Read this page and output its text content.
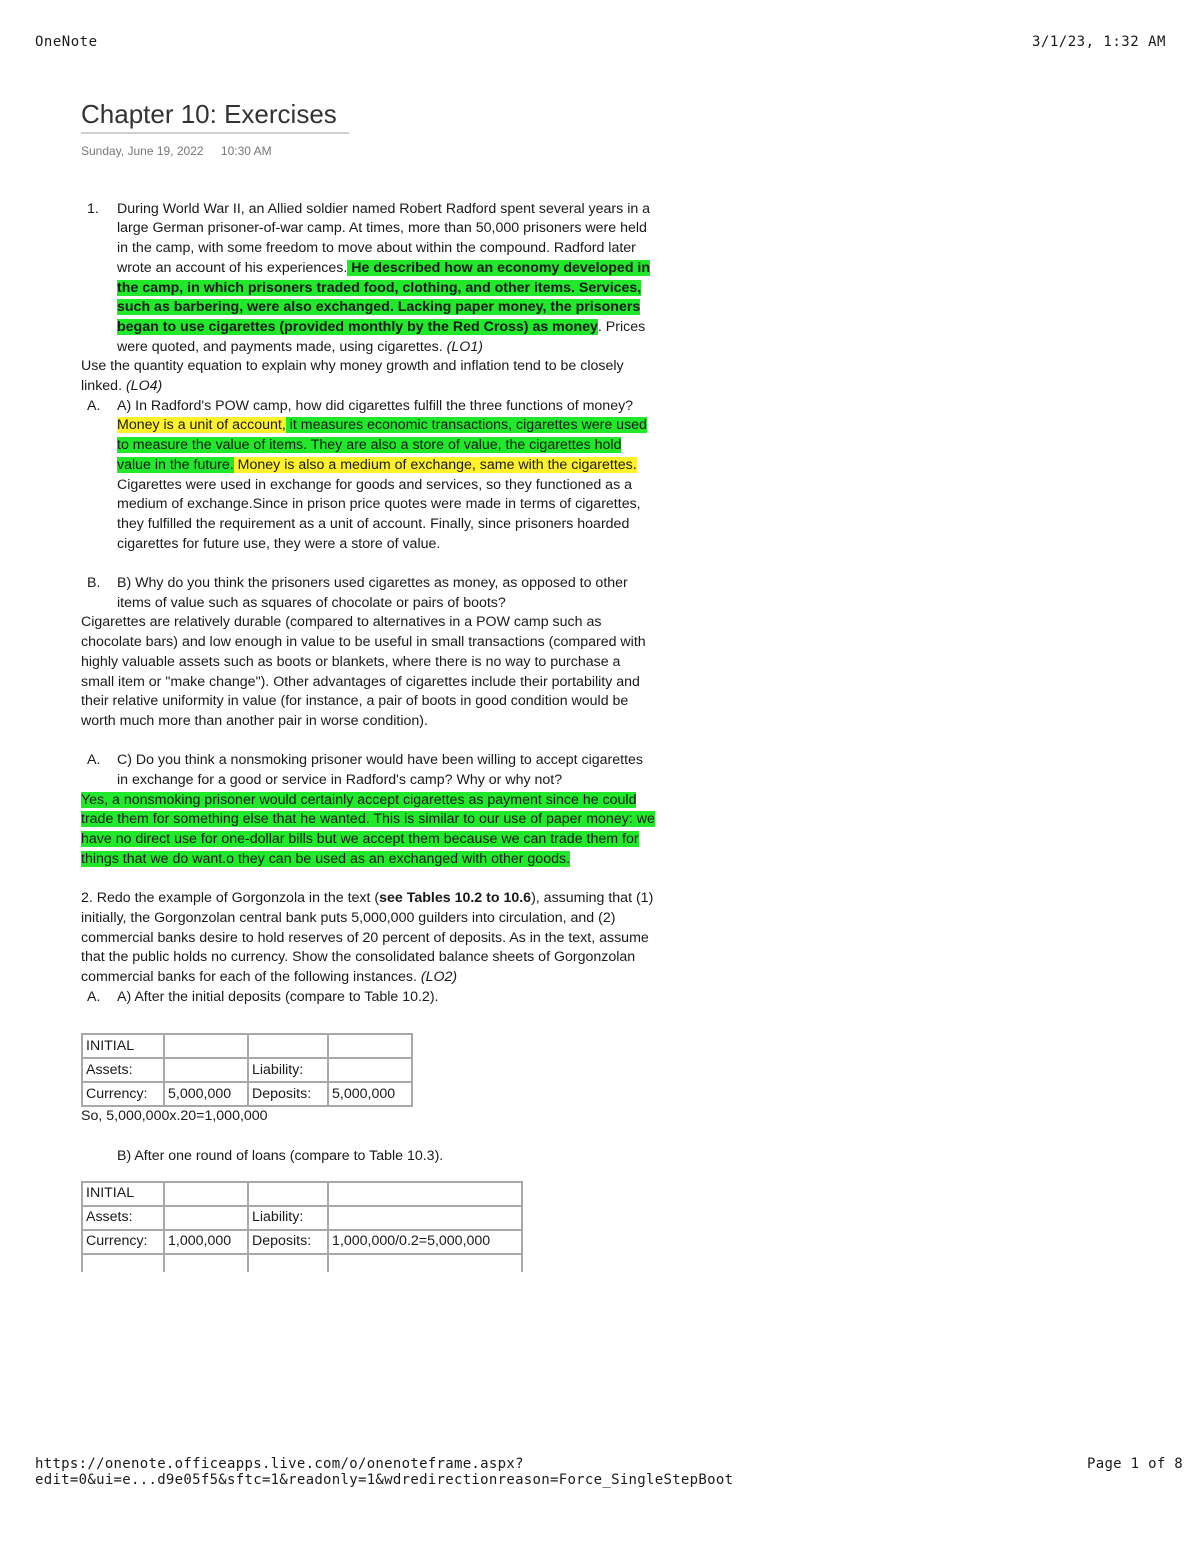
OneNote	3/1/23, 1:32 AM
Chapter 10: Exercises
Sunday, June 19, 2022 10:30 AM
1. During World War II, an Allied soldier named Robert Radford spent several years in a large German prisoner-of-war camp. At times, more than 50,000 prisoners were held in the camp, with some freedom to move about within the compound. Radford later wrote an account of his experiences. He described how an economy developed in the camp, in which prisoners traded food, clothing, and other items. Services, such as barbering, were also exchanged. Lacking paper money, the prisoners began to use cigarettes (provided monthly by the Red Cross) as money. Prices were quoted, and payments made, using cigarettes. (LO1)
Use the quantity equation to explain why money growth and inflation tend to be closely linked. (LO4)
A. A) In Radford's POW camp, how did cigarettes fulfill the three functions of money?
Money is a unit of account, it measures economic transactions, cigarettes were used to measure the value of items. They are also a store of value, the cigarettes hold value in the future. Money is also a medium of exchange, same with the cigarettes. Cigarettes were used in exchange for goods and services, so they functioned as a medium of exchange.Since in prison price quotes were made in terms of cigarettes, they fulfilled the requirement as a unit of account. Finally, since prisoners hoarded cigarettes for future use, they were a store of value.
B. B) Why do you think the prisoners used cigarettes as money, as opposed to other items of value such as squares of chocolate or pairs of boots?
Cigarettes are relatively durable (compared to alternatives in a POW camp such as chocolate bars) and low enough in value to be useful in small transactions (compared with highly valuable assets such as boots or blankets, where there is no way to purchase a small item or "make change"). Other advantages of cigarettes include their portability and their relative uniformity in value (for instance, a pair of boots in good condition would be worth much more than another pair in worse condition).
A. C) Do you think a nonsmoking prisoner would have been willing to accept cigarettes in exchange for a good or service in Radford's camp? Why or why not?
Yes, a nonsmoking prisoner would certainly accept cigarettes as payment since he could trade them for something else that he wanted. This is similar to our use of paper money: we have no direct use for one-dollar bills but we accept them because we can trade them for things that we do want.o they can be used as an exchanged with other goods.
2. Redo the example of Gorgonzola in the text (see Tables 10.2 to 10.6), assuming that (1) initially, the Gorgonzolan central bank puts 5,000,000 guilders into circulation, and (2) commercial banks desire to hold reserves of 20 percent of deposits. As in the text, assume that the public holds no currency. Show the consolidated balance sheets of Gorgonzolan commercial banks for each of the following instances. (LO2)
A. A) After the initial deposits (compare to Table 10.2).
INITIAL			
Assets:		Liability:	
Currency:	5,000,000	Deposits:	5,000,000
So, 5,000,000x.20=1,000,000
B) After one round of loans (compare to Table 10.3).
INITIAL			
Assets:		Liability:	
Currency:	1,000,000	Deposits:	1,000,000/0.2=5,000,000

https://onenote.officeapps.live.com/o/onenoteframe.aspx?edit=0&ui=e...d9e05f5&sftc=1&readonly=1&wdredirectionreason=Force_SingleStepBoot
Page 1 of 8
